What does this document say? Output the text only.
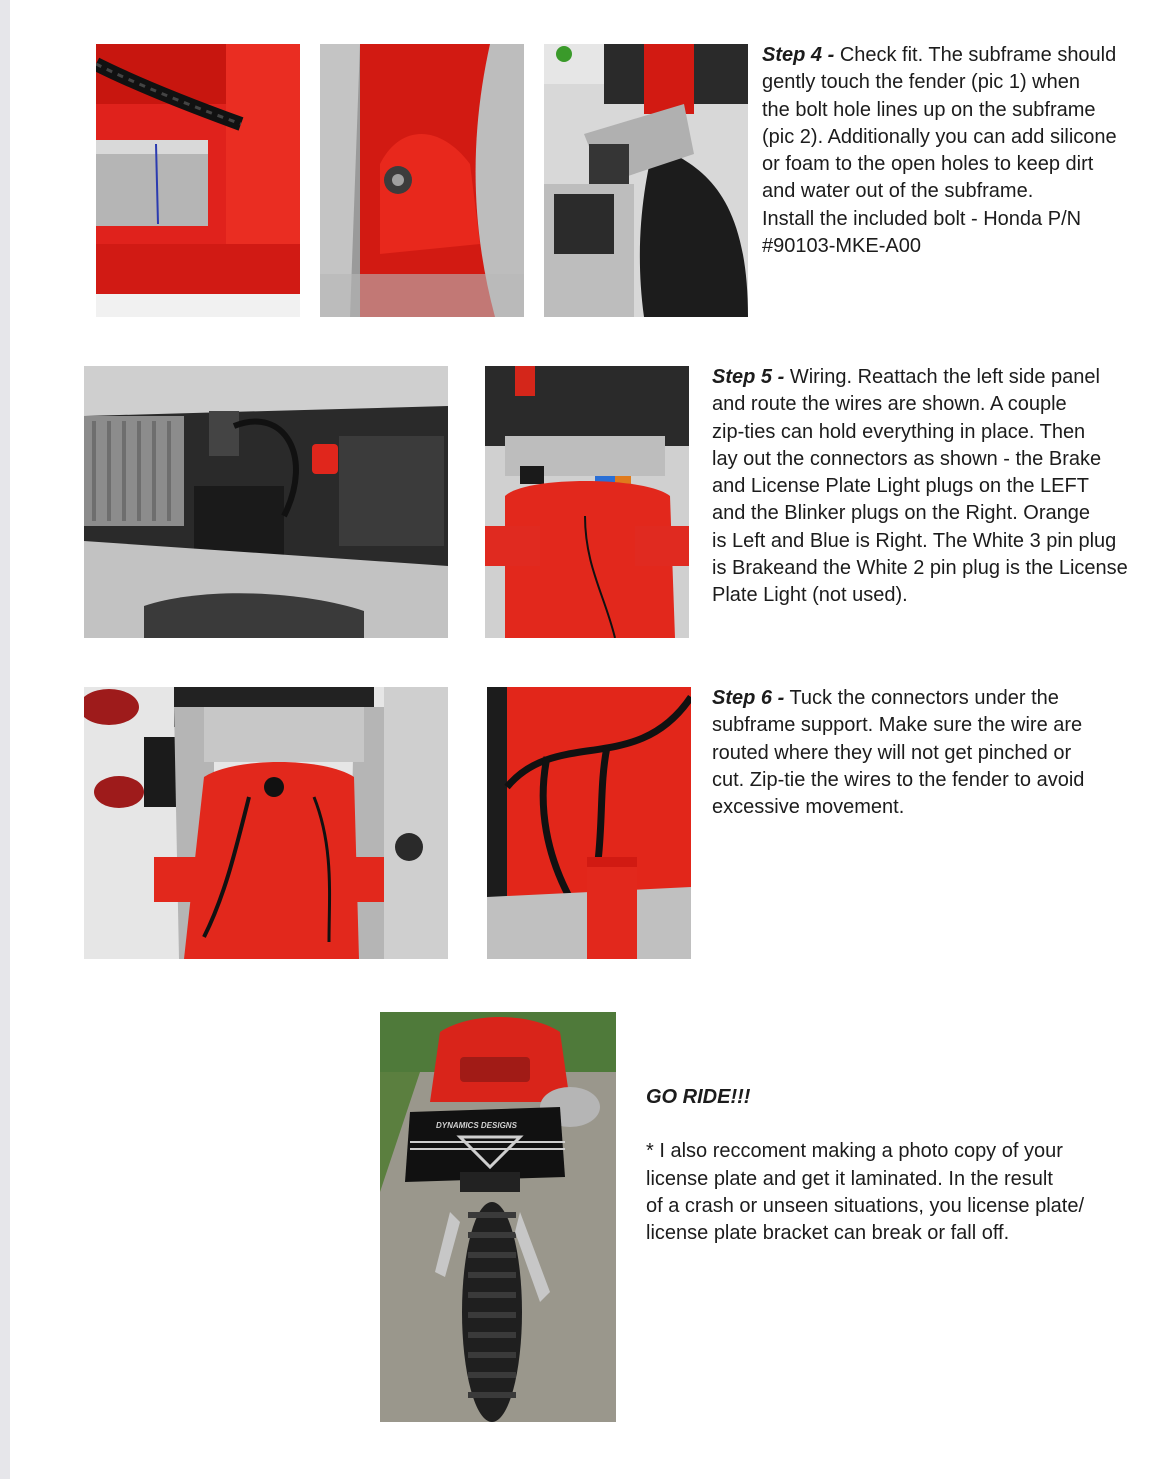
Step 4 - Check fit. The subframe should

gently touch the fender (pic 1) when

the bolt hole lines up on the subframe

(pic 2). Additionally you can add silicone

or foam to the open holes to keep dirt

and water out of the subframe.

Install the included bolt - Honda P/N

#90103-MKE-A00

Step 5 - Wiring. Reattach the left side panel

and route the wires are shown. A couple

zip-ties can hold everything in place. Then

lay out the connectors as shown - the Brake

and License Plate Light plugs on the LEFT

and the Blinker plugs on the Right. Orange

is Left and Blue is Right. The White 3 pin plug

is Brakeand the White 2 pin plug is the License

Plate Light (not used).

Step 6 - Tuck the connectors under the

subframe support. Make sure the wire are

routed where they will not get pinched or

cut. Zip-tie the wires to the fender to avoid

excessive movement.

DYNAMICS DESIGNS

GO RIDE!!!

* I also reccoment making a photo copy of your

license plate and get it laminated. In the result

of a crash or unseen situations, you license plate/

license plate bracket can break or fall off.
